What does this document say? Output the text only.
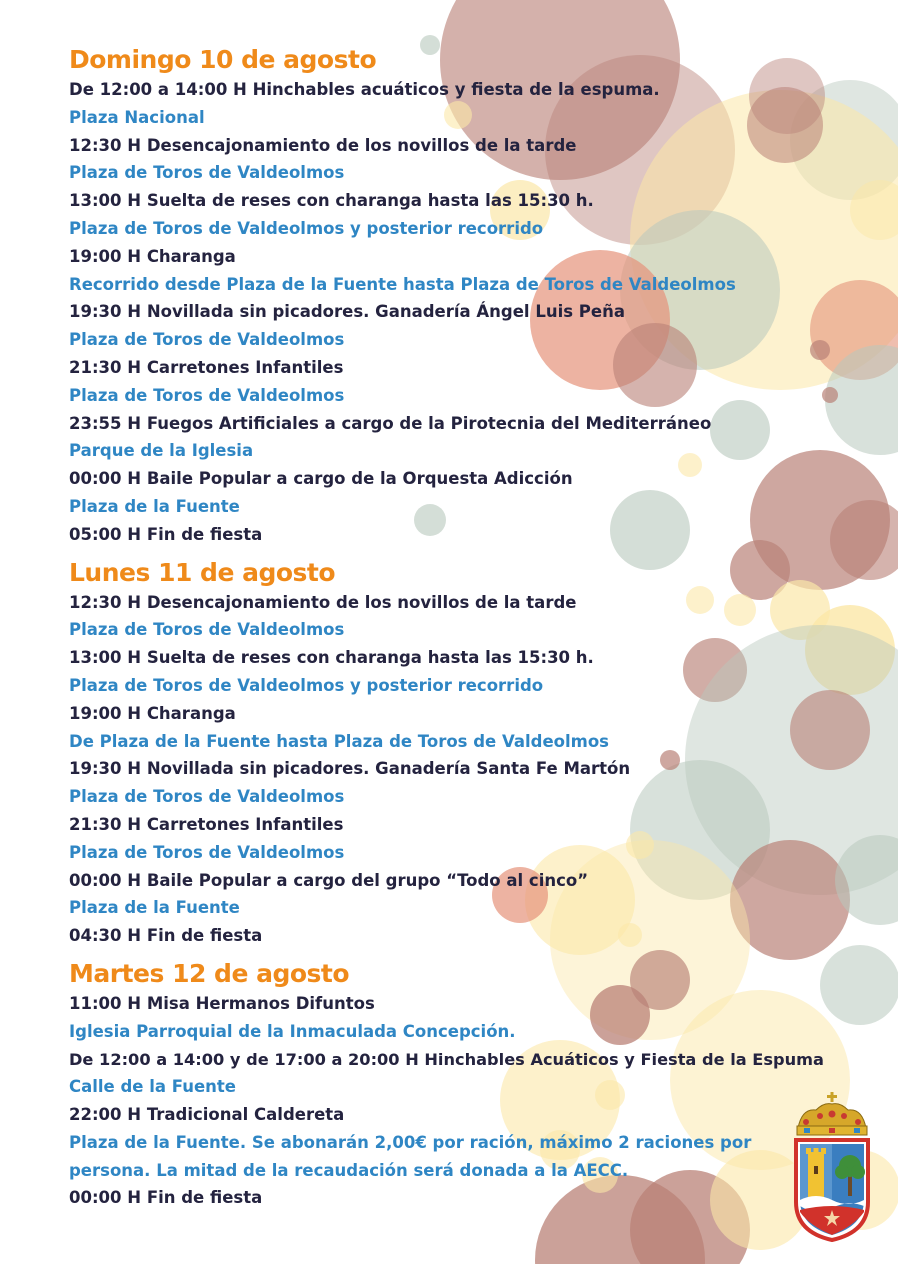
Domingo 10 de agosto
De 12:00 a 14:00 H Hinchables acuáticos y fiesta de la espuma.
Plaza Nacional
12:30 H Desencajonamiento de los novillos de la tarde
Plaza de Toros de Valdeolmos
13:00 H Suelta de reses con charanga hasta las 15:30 h.
Plaza de Toros de Valdeolmos y posterior recorrido
19:00 H Charanga
Recorrido desde Plaza de la Fuente hasta Plaza de Toros de Valdeolmos
19:30 H Novillada sin picadores. Ganadería Ángel Luis Peña
Plaza de Toros de Valdeolmos
21:30 H Carretones Infantiles
Plaza de Toros de Valdeolmos
23:55 H Fuegos Artificiales a cargo de la Pirotecnia del Mediterráneo
Parque de la Iglesia
00:00 H Baile Popular a cargo de la Orquesta Adicción
Plaza de la Fuente
05:00 H Fin de fiesta
Lunes 11 de agosto
12:30 H Desencajonamiento de los novillos de la tarde
Plaza de Toros de Valdeolmos
13:00 H Suelta de reses con charanga hasta las 15:30 h.
Plaza de Toros de Valdeolmos y posterior recorrido
19:00 H Charanga
De Plaza de la Fuente hasta Plaza de Toros de Valdeolmos
19:30 H Novillada sin picadores. Ganadería Santa Fe Martón
Plaza de Toros de Valdeolmos
21:30 H Carretones Infantiles
Plaza de Toros de Valdeolmos
00:00 H Baile Popular a cargo del grupo “Todo al cinco”
Plaza de la Fuente
04:30 H Fin de fiesta
Martes 12 de agosto
11:00 H Misa Hermanos Difuntos
Iglesia Parroquial de la Inmaculada Concepción.
De 12:00 a 14:00 y de 17:00 a 20:00 H Hinchables Acuáticos y Fiesta de la Espuma
Calle de la Fuente
22:00 H Tradicional Caldereta
Plaza de la Fuente. Se abonarán 2,00€ por ración, máximo 2 raciones por
persona. La mitad de la recaudación será donada a la AECC.
00:00 H Fin de fiesta
